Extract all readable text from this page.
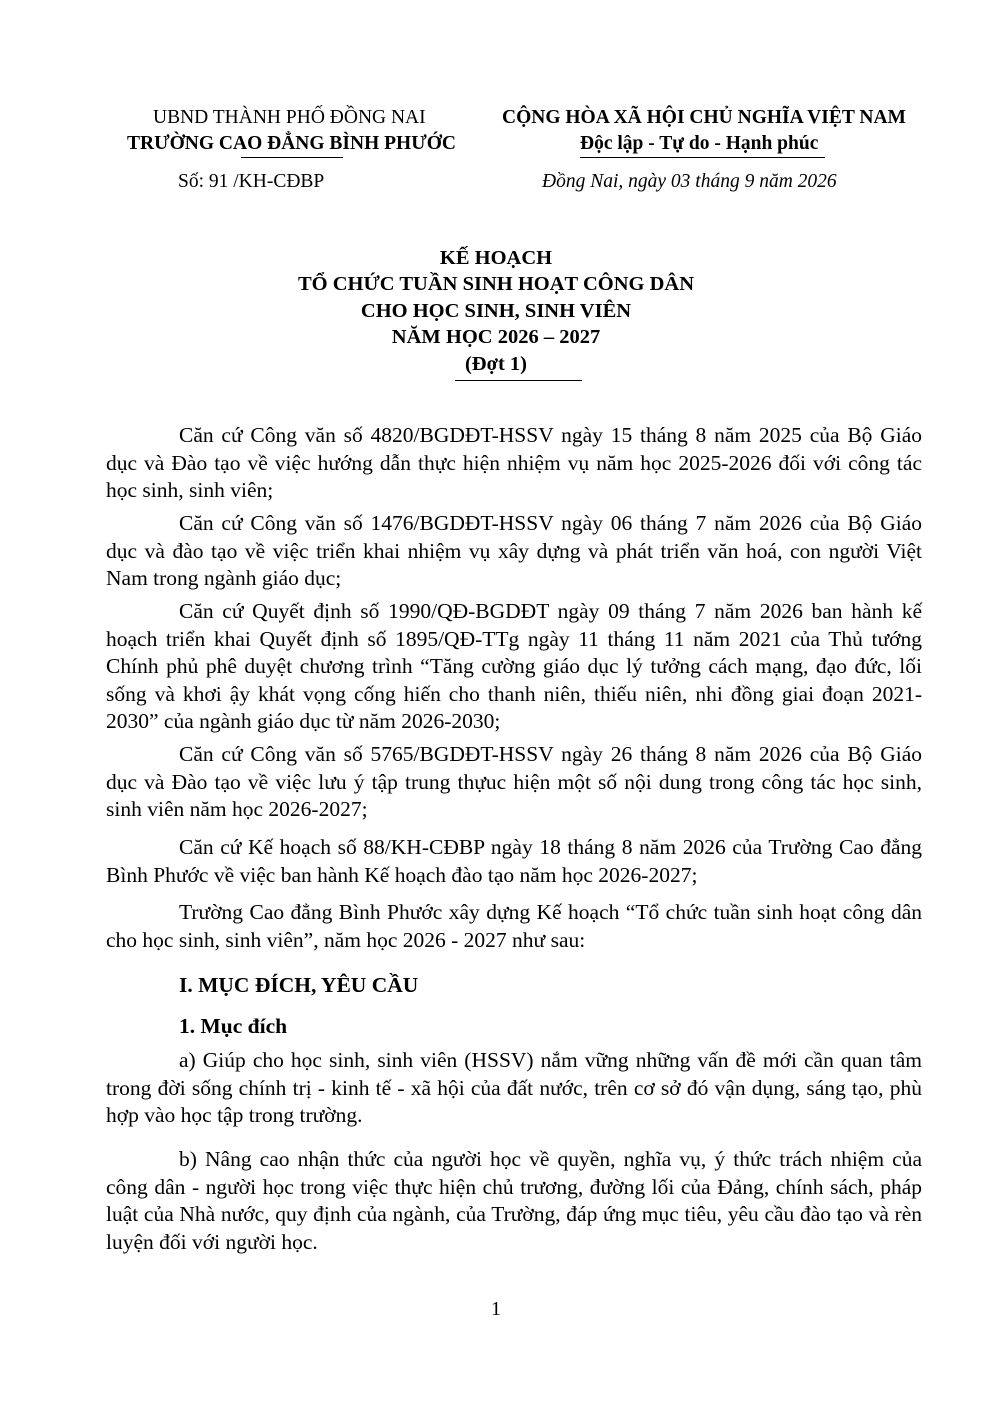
UBND THÀNH PHỐ ĐỒNG NAI
TRƯỜNG CAO ĐẲNG BÌNH PHƯỚC
Số: 91 /KH-CĐBP
CỘNG HÒA XÃ HỘI CHỦ NGHĨA VIỆT NAM
Độc lập - Tự do - Hạnh phúc
Đồng Nai, ngày 03 tháng 9 năm 2026
KẾ HOẠCH
TỔ CHỨC TUẦN SINH HOẠT CÔNG DÂN
CHO HỌC SINH, SINH VIÊN
NĂM HỌC 2026 – 2027
(Đợt 1)
Căn cứ Công văn số 4820/BGDĐT-HSSV ngày 15 tháng 8 năm 2025 của Bộ Giáo dục và Đào tạo về việc hướng dẫn thực hiện nhiệm vụ năm học 2025-2026 đối với công tác học sinh, sinh viên;
Căn cứ Công văn số 1476/BGDĐT-HSSV ngày 06 tháng 7 năm 2026 của Bộ Giáo dục và đào tạo về việc triển khai nhiệm vụ xây dựng và phát triển văn hoá, con người Việt Nam trong ngành giáo dục;
Căn cứ Quyết định số 1990/QĐ-BGDĐT ngày 09 tháng 7 năm 2026 ban hành kế hoạch triển khai Quyết định số 1895/QĐ-TTg ngày 11 tháng 11 năm 2021 của Thủ tướng Chính phủ phê duyệt chương trình “Tăng cường giáo dục lý tưởng cách mạng, đạo đức, lối sống và khơi ậy khát vọng cống hiến cho thanh niên, thiếu niên, nhi đồng giai đoạn 2021-2030” của ngành giáo dục từ năm 2026-2030;
Căn cứ Công văn số 5765/BGDĐT-HSSV ngày 26 tháng 8 năm 2026 của Bộ Giáo dục và Đào tạo về việc lưu ý tập trung thựuc hiện một số nội dung trong công tác học sinh, sinh viên năm học 2026-2027;
Căn cứ Kế hoạch số 88/KH-CĐBP ngày 18 tháng 8 năm 2026 của Trường Cao đẳng Bình Phước về việc ban hành Kế hoạch đào tạo năm học 2026-2027;
Trường Cao đẳng Bình Phước xây dựng Kế hoạch “Tổ chức tuần sinh hoạt công dân cho học sinh, sinh viên”, năm học 2026 - 2027 như sau:
I. MỤC ĐÍCH, YÊU CẦU
1. Mục đích
a) Giúp cho học sinh, sinh viên (HSSV) nắm vững những vấn đề mới cần quan tâm trong đời sống chính trị - kinh tế - xã hội của đất nước, trên cơ sở đó vận dụng, sáng tạo, phù hợp vào học tập trong trường.
b) Nâng cao nhận thức của người học về quyền, nghĩa vụ, ý thức trách nhiệm của công dân - người học trong việc thực hiện chủ trương, đường lối của Đảng, chính sách, pháp luật của Nhà nước, quy định của ngành, của Trường, đáp ứng mục tiêu, yêu cầu đào tạo và rèn luyện đối với người học.
1
